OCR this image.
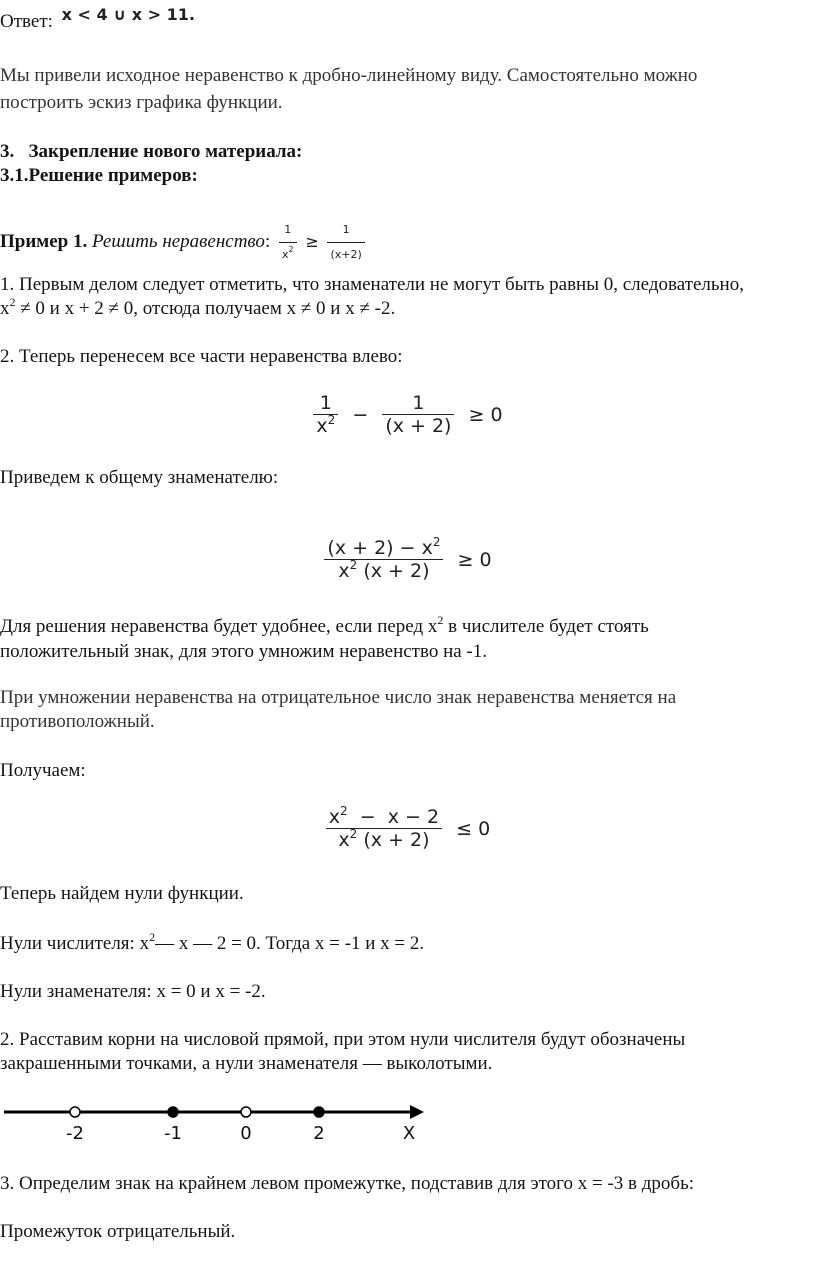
Ответ: $^{x < 4 \cup x > 11.}$
Мы привели исходное неравенство к дробно-линейному виду. Самостоятельно можно
построить эскиз графика функции.
3.   Закрепление нового материала:
3.1.Решение примеров:
Пример 1. Решить неравенство: $\frac{1}{x^2} \ge \frac{1}{(x+2)}$
1. Первым делом следует отметить, что знаменатели не могут быть равны 0, следовательно,
$x^2 \ne 0$ и x + 2 ≠ 0, отсюда получаем x ≠ 0 и x ≠ -2.
2. Теперь перенесем все части неравенства влево:
$\frac{1}{x^2} - \frac{1}{(x + 2)} \ge 0$
Приведем к общему знаменателю:
$\frac{(x + 2) - x^2}{x^2 (x + 2)} \ge 0$
Для решения неравенства будет удобнее, если перед $x^2$ в числителе будет стоять
положительный знак, для этого умножим неравенство на -1.
При умножении неравенства на отрицательное число знак неравенства меняется на
противоположный.
Получаем:
$\frac{x^2 - x - 2}{x^2 (x + 2)} \le 0$
Теперь найдем нули функции.
Нули числителя: $x^2—$ x — 2 = 0. Тогда x = -1 и x = 2.
Нули знаменателя: x = 0 и x = -2.
2. Расставим корни на числовой прямой, при этом нули числителя будут обозначены
закрашенными точками, а нули знаменателя — выколотыми.
X
-2	-1	0	2
3. Определим знак на крайнем левом промежутке, подставив для этого x = -3 в дробь:
Промежуток отрицательный.
